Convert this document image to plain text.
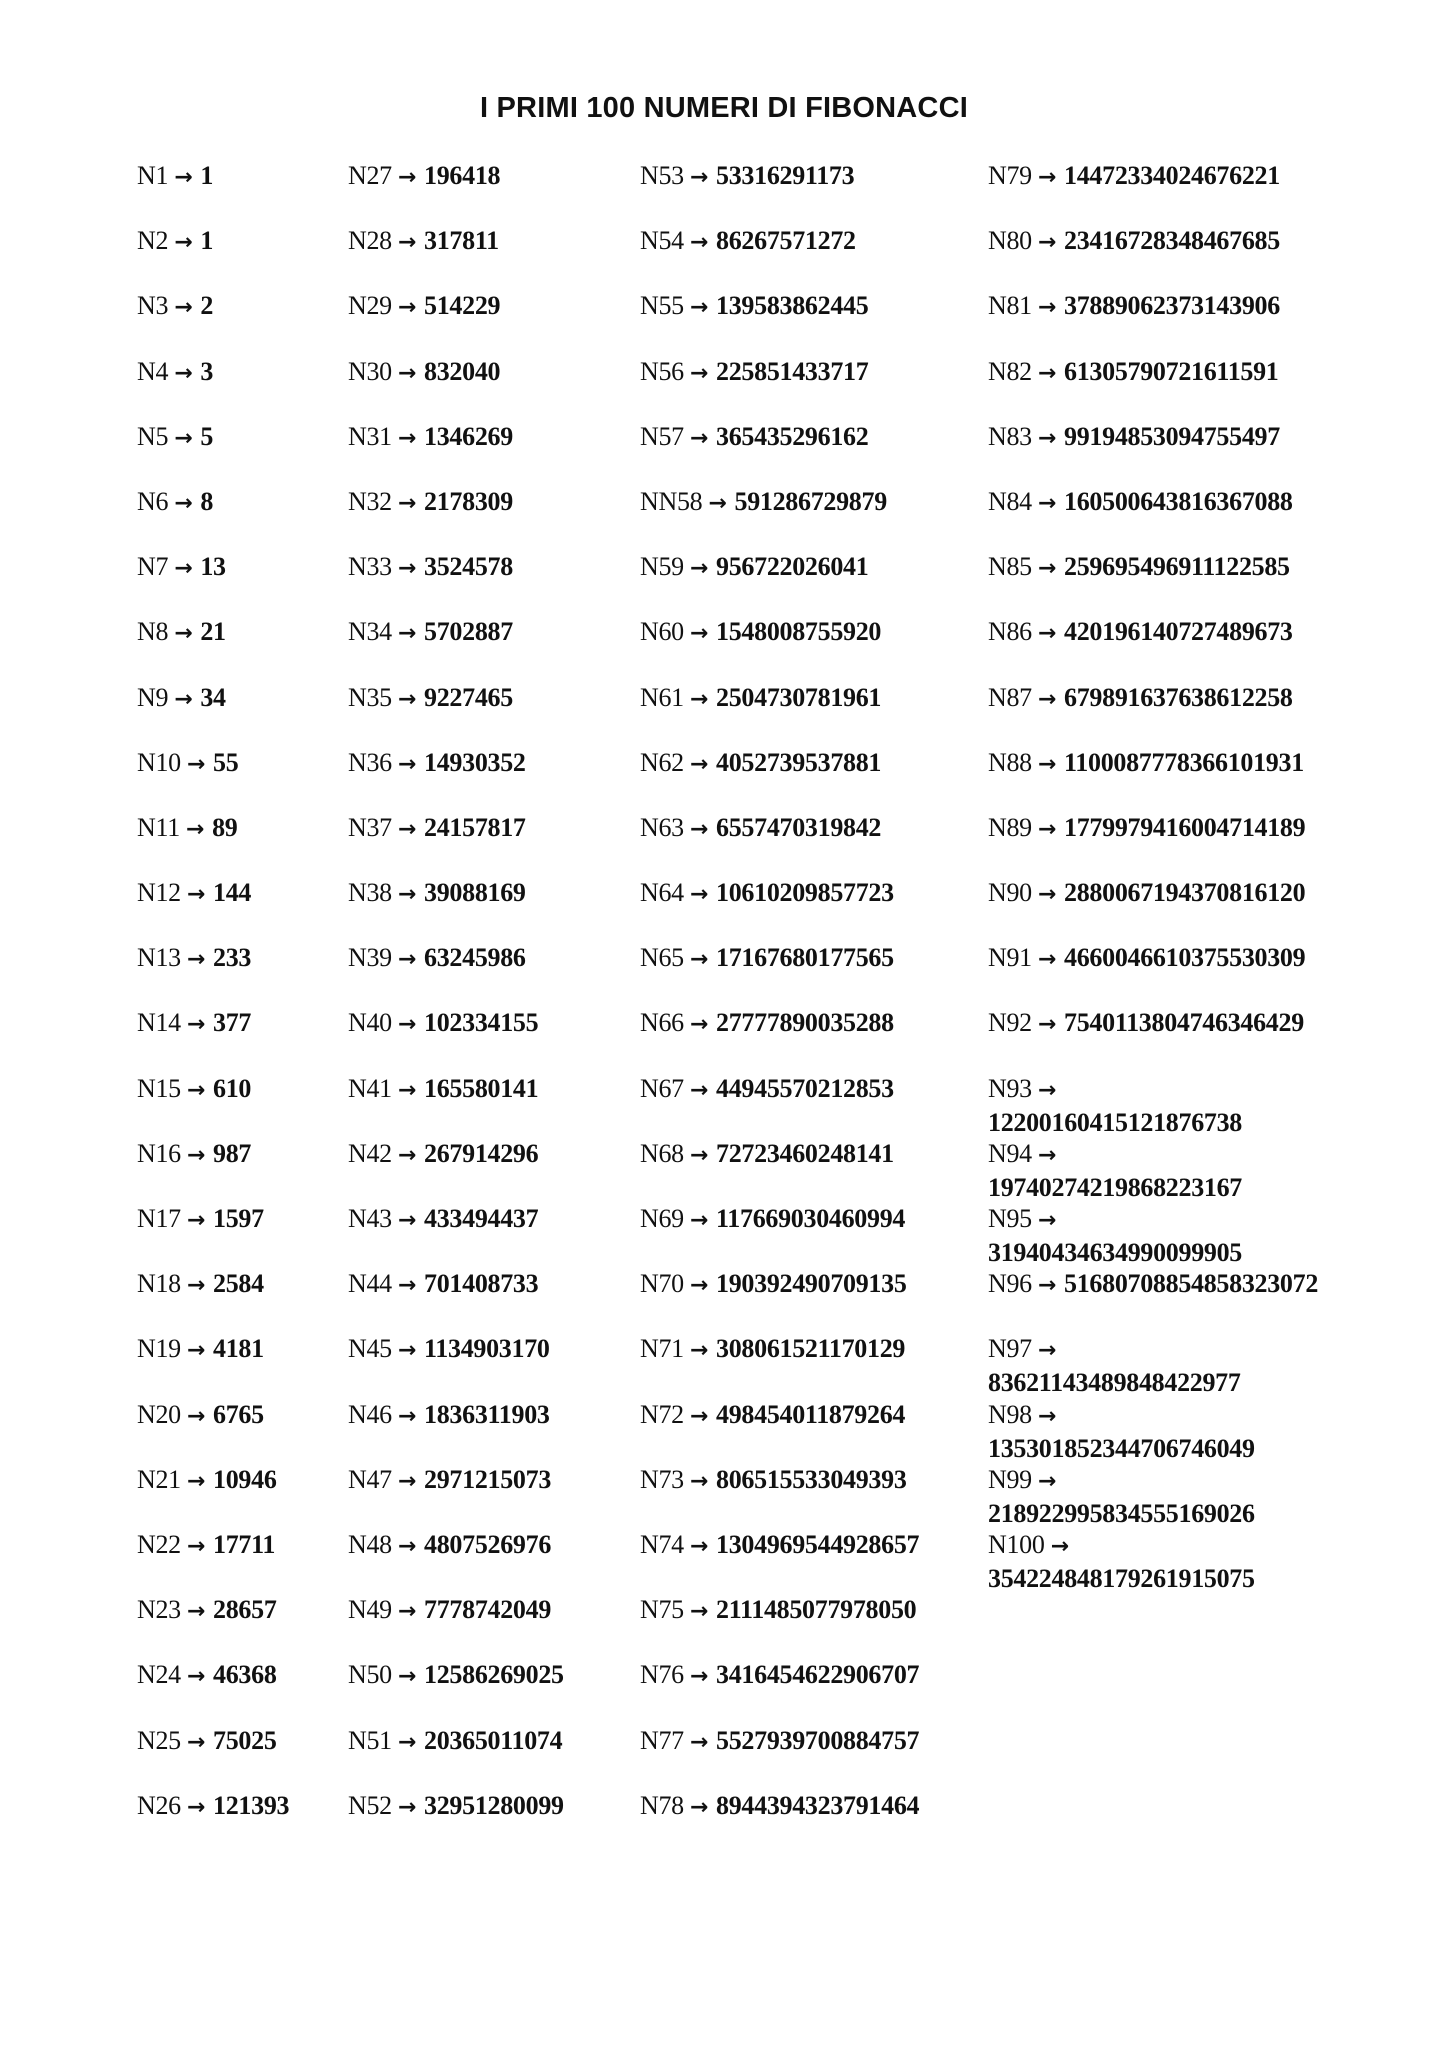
I PRIMI 100 NUMERI DI FIBONACCI
N1 → 1
N2 → 1
N3 → 2
N4 → 3
N5 → 5
N6 → 8
N7 → 13
N8 → 21
N9 → 34
N10 → 55
N11 → 89
N12 → 144
N13 → 233
N14 → 377
N15 → 610
N16 → 987
N17 → 1597
N18 → 2584
N19 → 4181
N20 → 6765
N21 → 10946
N22 → 17711
N23 → 28657
N24 → 46368
N25 → 75025
N26 → 121393
N27 → 196418
N28 → 317811
N29 → 514229
N30 → 832040
N31 → 1346269
N32 → 2178309
N33 → 3524578
N34 → 5702887
N35 → 9227465
N36 → 14930352
N37 → 24157817
N38 → 39088169
N39 → 63245986
N40 → 102334155
N41 → 165580141
N42 → 267914296
N43 → 433494437
N44 → 701408733
N45 → 1134903170
N46 → 1836311903
N47 → 2971215073
N48 → 4807526976
N49 → 7778742049
N50 → 12586269025
N51 → 20365011074
N52 → 32951280099
N53 → 53316291173
N54 → 86267571272
N55 → 139583862445
N56 → 225851433717
N57 → 365435296162
NN58 → 591286729879
N59 → 956722026041
N60 → 1548008755920
N61 → 2504730781961
N62 → 4052739537881
N63 → 6557470319842
N64 → 10610209857723
N65 → 17167680177565
N66 → 27777890035288
N67 → 44945570212853
N68 → 72723460248141
N69 → 117669030460994
N70 → 190392490709135
N71 → 308061521170129
N72 → 498454011879264
N73 → 806515533049393
N74 → 1304969544928657
N75 → 2111485077978050
N76 → 3416454622906707
N77 → 5527939700884757
N78 → 8944394323791464
N79 → 14472334024676221
N80 → 23416728348467685
N81 → 37889062373143906
N82 → 61305790721611591
N83 → 99194853094755497
N84 → 160500643816367088
N85 → 259695496911122585
N86 → 420196140727489673
N87 → 679891637638612258
N88 → 1100087778366101931
N89 → 1779979416004714189
N90 → 2880067194370816120
N91 → 4660046610375530309
N92 → 7540113804746346429
N93 →
12200160415121876738
N94 →
19740274219868223167
N95 →
31940434634990099905
N96 → 51680708854858323072
N97 →
83621143489848422977
N98 →
135301852344706746049
N99 →
218922995834555169026
N100 →
354224848179261915075
